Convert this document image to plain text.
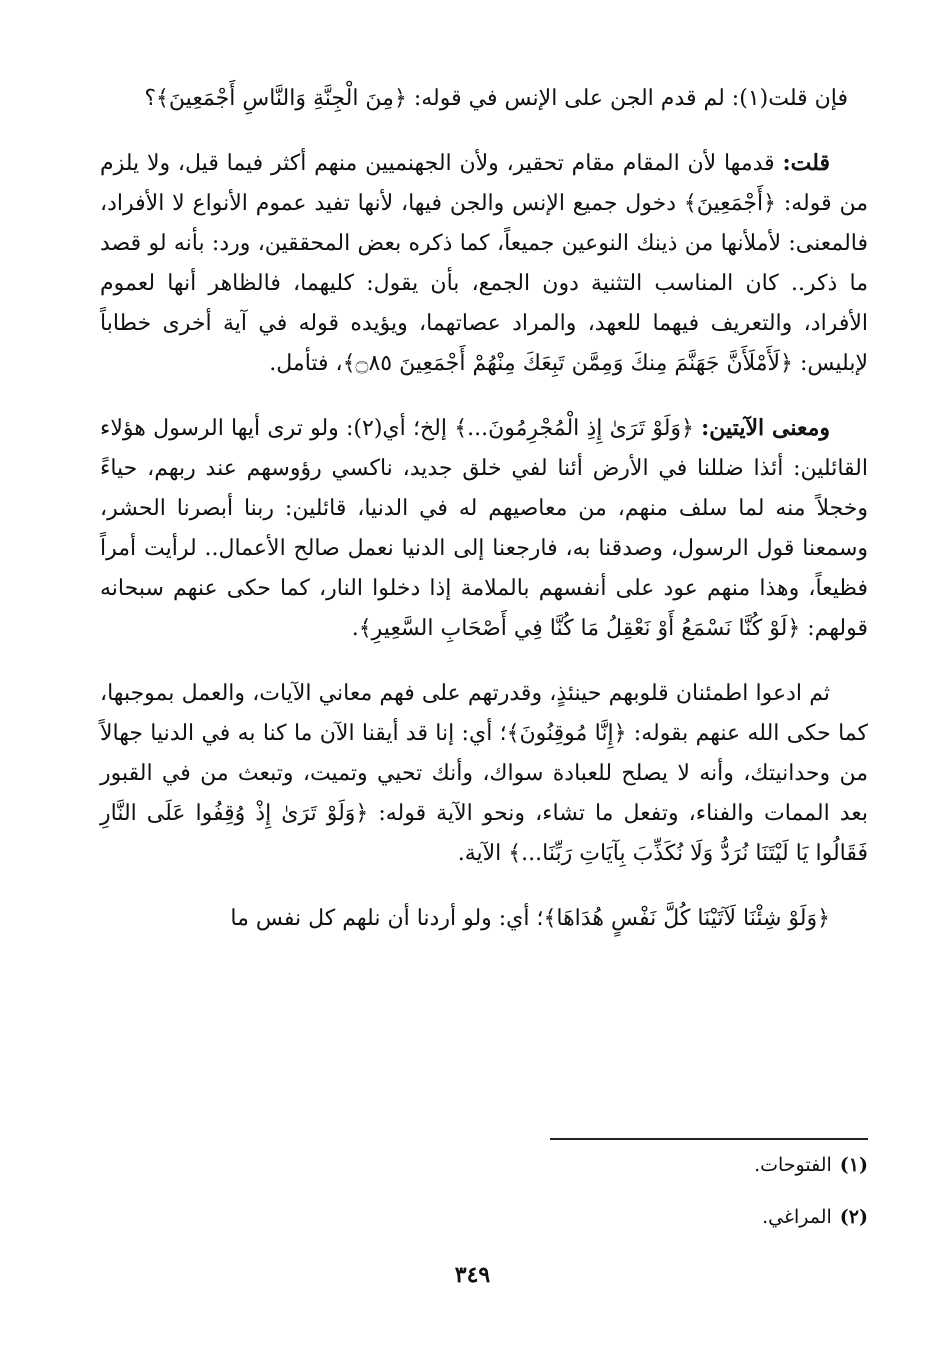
فإن قلت(١): لم قدم الجن على الإنس في قوله: ﴿مِنَ الْجِنَّةِ وَالنَّاسِ أَجْمَعِينَ﴾؟

قلت: قدمها لأن المقام مقام تحقير، ولأن الجهنميين منهم أكثر فيما قيل، ولا يلزم من قوله: ﴿أَجْمَعِينَ﴾ دخول جميع الإنس والجن فيها، لأنها تفيد عموم الأنواع لا الأفراد، فالمعنى: لأملأنها من ذينك النوعين جميعاً، كما ذكره بعض المحققين، ورد: بأنه لو قصد ما ذكر.. كان المناسب التثنية دون الجمع، بأن يقول: كليهما، فالظاهر أنها لعموم الأفراد، والتعريف فيهما للعهد، والمراد عصاتهما، ويؤيده قوله في آية أخرى خطاباً لإبليس: ﴿لَأَمْلَأَنَّ جَهَنَّمَ مِنكَ وَمِمَّن تَبِعَكَ مِنْهُمْ أَجْمَعِينَ ۝٨٥﴾، فتأمل.

ومعنى الآيتين: ﴿وَلَوْ تَرَىٰ إِذِ الْمُجْرِمُونَ...﴾ إلخ؛ أي(٢): ولو ترى أيها الرسول هؤلاء القائلين: أئذا ضللنا في الأرض أئنا لفي خلق جديد، ناكسي رؤوسهم عند ربهم، حياءً وخجلاً منه لما سلف منهم، من معاصيهم له في الدنيا، قائلين: ربنا أبصرنا الحشر، وسمعنا قول الرسول، وصدقنا به، فارجعنا إلى الدنيا نعمل صالح الأعمال.. لرأيت أمراً فظيعاً، وهذا منهم عود على أنفسهم بالملامة إذا دخلوا النار، كما حكى عنهم سبحانه قولهم: ﴿لَوْ كُنَّا نَسْمَعُ أَوْ نَعْقِلُ مَا كُنَّا فِي أَصْحَابِ السَّعِيرِ﴾.

ثم ادعوا اطمئنان قلوبهم حينئذٍ، وقدرتهم على فهم معاني الآيات، والعمل بموجبها، كما حكى الله عنهم بقوله: ﴿إِنَّا مُوقِنُونَ﴾؛ أي: إنا قد أيقنا الآن ما كنا به في الدنيا جهالاً من وحدانيتك، وأنه لا يصلح للعبادة سواك، وأنك تحيي وتميت، وتبعث من في القبور بعد الممات والفناء، وتفعل ما تشاء، ونحو الآية قوله: ﴿وَلَوْ تَرَىٰ إِذْ وُقِفُوا عَلَى النَّارِ فَقَالُوا يَا لَيْتَنَا نُرَدُّ وَلَا نُكَذِّبَ بِآيَاتِ رَبِّنَا...﴾ الآية.

﴿وَلَوْ شِئْنَا لَآتَيْنَا كُلَّ نَفْسٍ هُدَاهَا﴾؛ أي: ولو أردنا أن نلهم كل نفس ما

(١)الفتوحات.
(٢)المراغي.
٣٤٩
